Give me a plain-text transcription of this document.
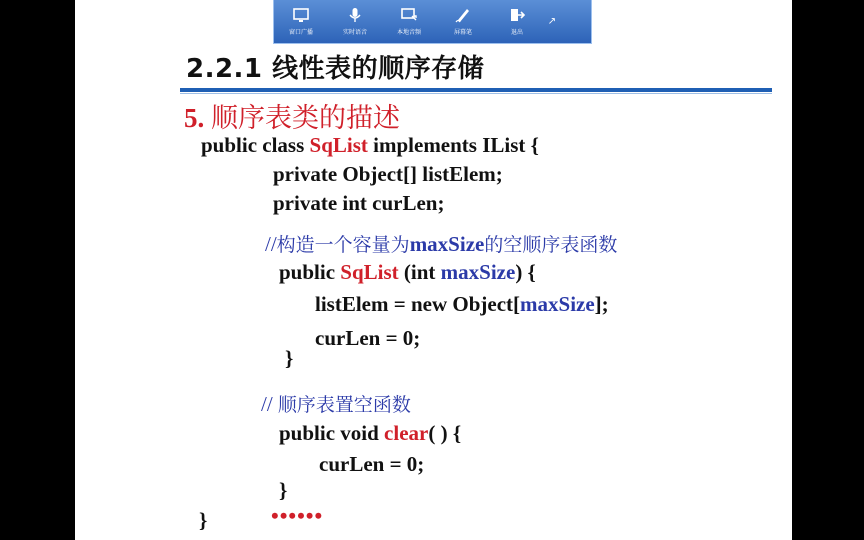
窗口广播	实时语音	本地音频	屏幕笔	退出
↗
2.2.1 线性表的顺序存储
5. 顺序表类的描述
public class SqList implements IList {
private Object[] listElem;
private int curLen;
//构造一个容量为maxSize的空顺序表函数
public SqList (int maxSize) {
listElem = new Object[maxSize];
curLen = 0;
}
// 顺序表置空函数
public void clear( ) {
curLen = 0;
}
}	••••••
